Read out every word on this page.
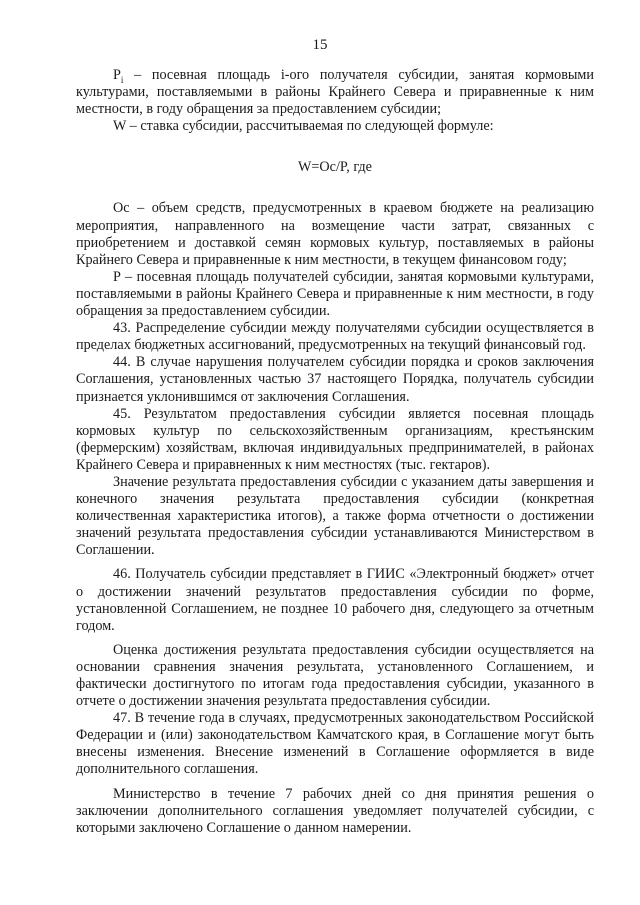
15

$P_i$ – посевная площадь i-ого получателя субсидии, занятая кормовыми культурами, поставляемыми в районы Крайнего Севера и приравненные к ним местности, в году обращения за предоставлением субсидии;

W – ставка субсидии, рассчитываемая по следующей формуле:

W=Oc/P, где

Oc – объем средств, предусмотренных в краевом бюджете на реализацию мероприятия, направленного на возмещение части затрат, связанных с приобретением и доставкой семян кормовых культур, поставляемых в районы Крайнего Севера и приравненные к ним местности, в текущем финансовом году;

P – посевная площадь получателей субсидии, занятая кормовыми культурами, поставляемыми в районы Крайнего Севера и приравненные к ним местности, в году обращения за предоставлением субсидии.

43. Распределение субсидии между получателями субсидии осуществляется в пределах бюджетных ассигнований, предусмотренных на текущий финансовый год.

44. В случае нарушения получателем субсидии порядка и сроков заключения Соглашения, установленных частью 37 настоящего Порядка, получатель субсидии признается уклонившимся от заключения Соглашения.

45. Результатом предоставления субсидии является посевная площадь кормовых культур по сельскохозяйственным организациям, крестьянским (фермерским) хозяйствам, включая индивидуальных предпринимателей, в районах Крайнего Севера и приравненных к ним местностях (тыс. гектаров).

Значение результата предоставления субсидии с указанием даты завершения и конечного значения результата предоставления субсидии (конкретная количественная характеристика итогов), а также форма отчетности о достижении значений результата предоставления субсидии устанавливаются Министерством в Соглашении.

46. Получатель субсидии представляет в ГИИС «Электронный бюджет» отчет о достижении значений результатов предоставления субсидии по форме, установленной Соглашением, не позднее 10 рабочего дня, следующего за отчетным годом.

Оценка достижения результата предоставления субсидии осуществляется на основании сравнения значения результата, установленного Соглашением, и фактически достигнутого по итогам года предоставления субсидии, указанного в отчете о достижении значения результата предоставления субсидии.

47. В течение года в случаях, предусмотренных законодательством Российской Федерации и (или) законодательством Камчатского края, в Соглашение могут быть внесены изменения. Внесение изменений в Соглашение оформляется в виде дополнительного соглашения.

Министерство в течение 7 рабочих дней со дня принятия решения о заключении дополнительного соглашения уведомляет получателей субсидии, с которыми заключено Соглашение о данном намерении.
